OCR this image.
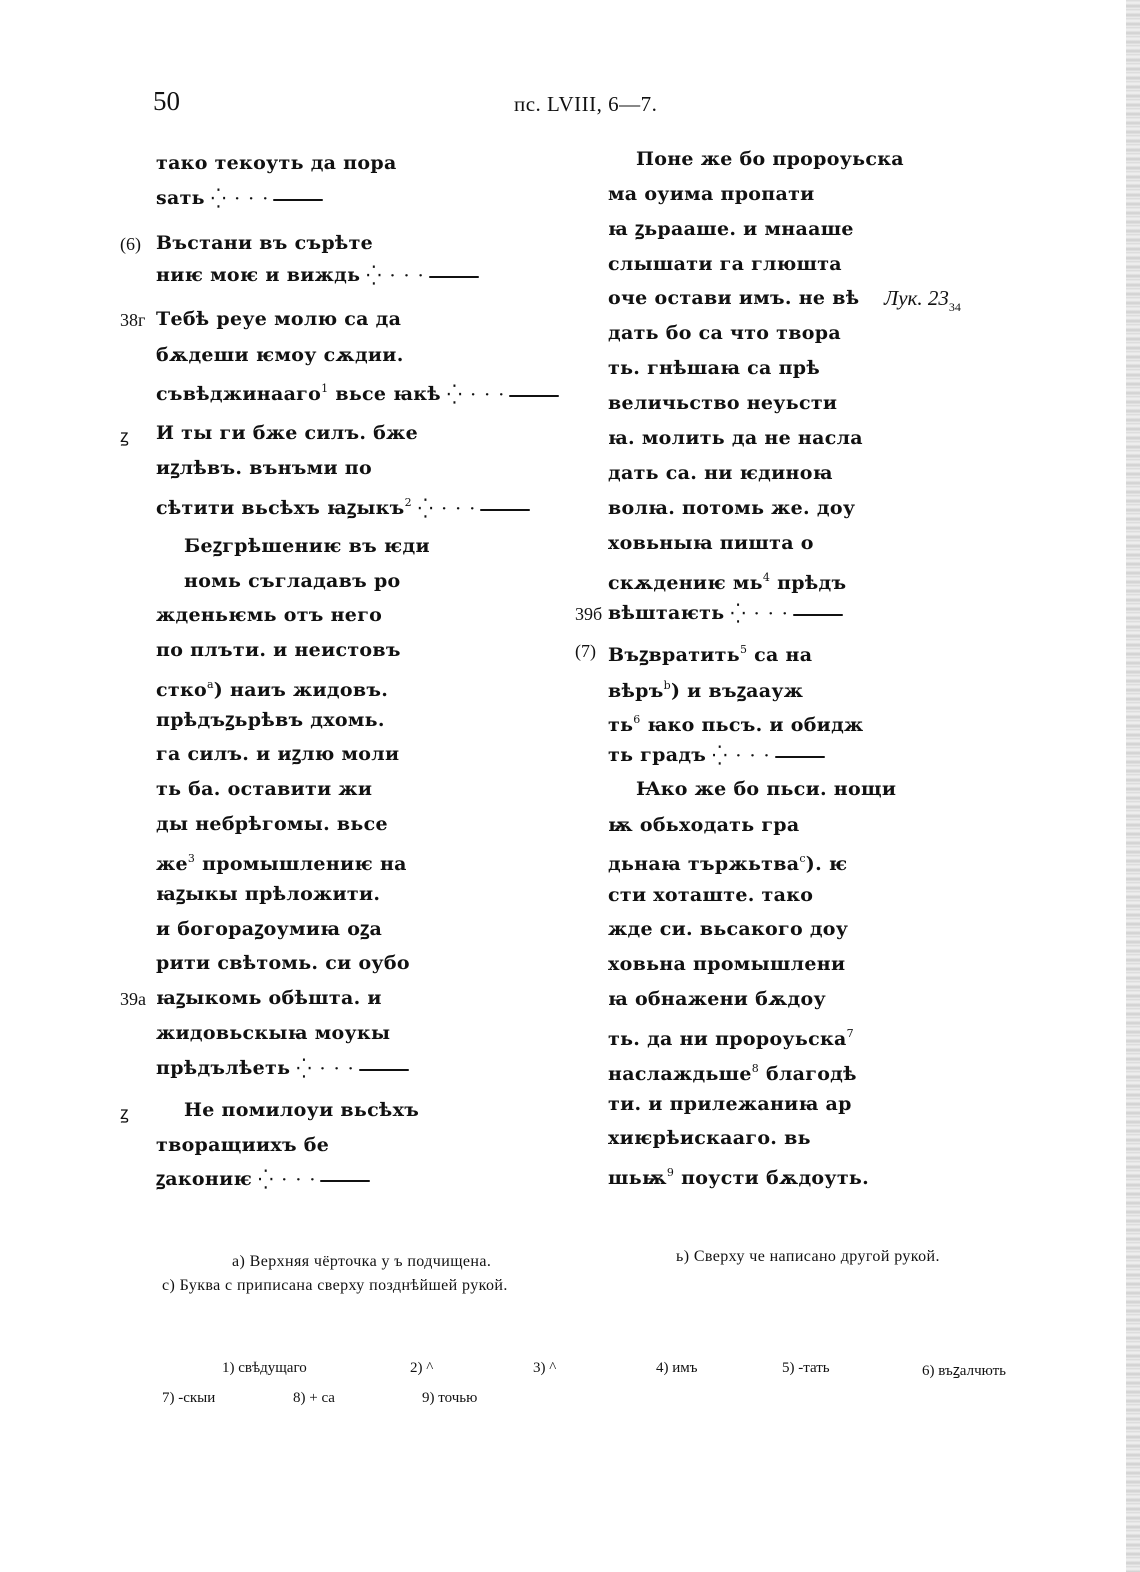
50	пс. LVIII, 6—7.
тако текоуть да пора
ѕать ⁛ · · ·
(6) Въстани въ сърѣте
ниѥ моѥ и виждь ⁛ · · ·
38г Тебѣ реуе молю са да
бѫдеши ѥмоу сѫдии.
съвѣджинааго$^1$ вьсе ꙗкѣ ⁛ · · ·
ꙁ И ты ги бже силъ. бже
иꙁлѣвъ. вънъми по
сѣтити вьсѣхъ ꙗꙁыкъ$^2$ ⁛ · · ·
Беꙁгрѣшениѥ въ ѥди
номь съгладавъ ро
жденьѥмь отъ него
по плъти. и неистовъ
стко$^a$) наиъ жидовъ.
прѣдъꙁьрѣвъ дхомь.
га силъ. и иꙁлю моли
ть ба. оставити жи
ды небрѣгомы. вьсе
же$^3$ промышлениѥ на
ꙗꙁыкы прѣложити.
и богораꙁоумиꙗ оꙁа
рити свѣтомь. си оубо
39а ꙗꙁыкомь обѣшта. и
жидовьскыꙗ моукы
прѣдълѣеть ⁛ · · ·
ꙁ	Не помилоуи вьсѣхъ
творащиихъ бе
ꙁакониѥ ⁛ · · ·
Поне же бо пророуьска
ма оуима пропати
ꙗ ꙁьрааше. и мнааше
слышати га глюшта
оче остави имъ. не вѣ
дать бо са что твора
ть. гнѣшаꙗ са прѣ
величьство неуьсти
ꙗ. молить да не насла
дать са. ни ѥдиноꙗ
волꙗ. потомь же. доу
ховьныꙗ пишта о
скѫдениѥ мь$^4$ прѣдъ
39б вѣштаѥть ⁛ · · ·
(7) Въꙁвратить$^5$ са на
вѣръ$^b$) и въꙁаауж
ть$^6$ ꙗко пьсъ. и обидж
ть градъ ⁛ · · ·
Ꙗко же бо пьси. нощи
ѭ обьходать гра
дьнаꙗ тържьтва$^c$). ѥ
сти хоташте. тако
жде си. вьсакого доу
ховьна промышлени
ꙗ обнажени бѫдоу
ть. да ни пророуьска$^7$
наслаждьше$^8$ благодѣ
ти. и прилежаниꙗ ар
хиѥрѣискааго. вь
шьѭ$^9$ поусти бѫдоуть.
Лук. $23_{34}$
а) Верхняя чёрточка у ъ подчищена.	ь) Сверху че написано другой рукой.
с) Буква с приписана сверху позднѣйшей рукой.
1) свѣдущаго	2) ^	3) ^	4) имъ	5) -тать	6) въꙁалчють
7) -скыи	8) + са	9) точью
